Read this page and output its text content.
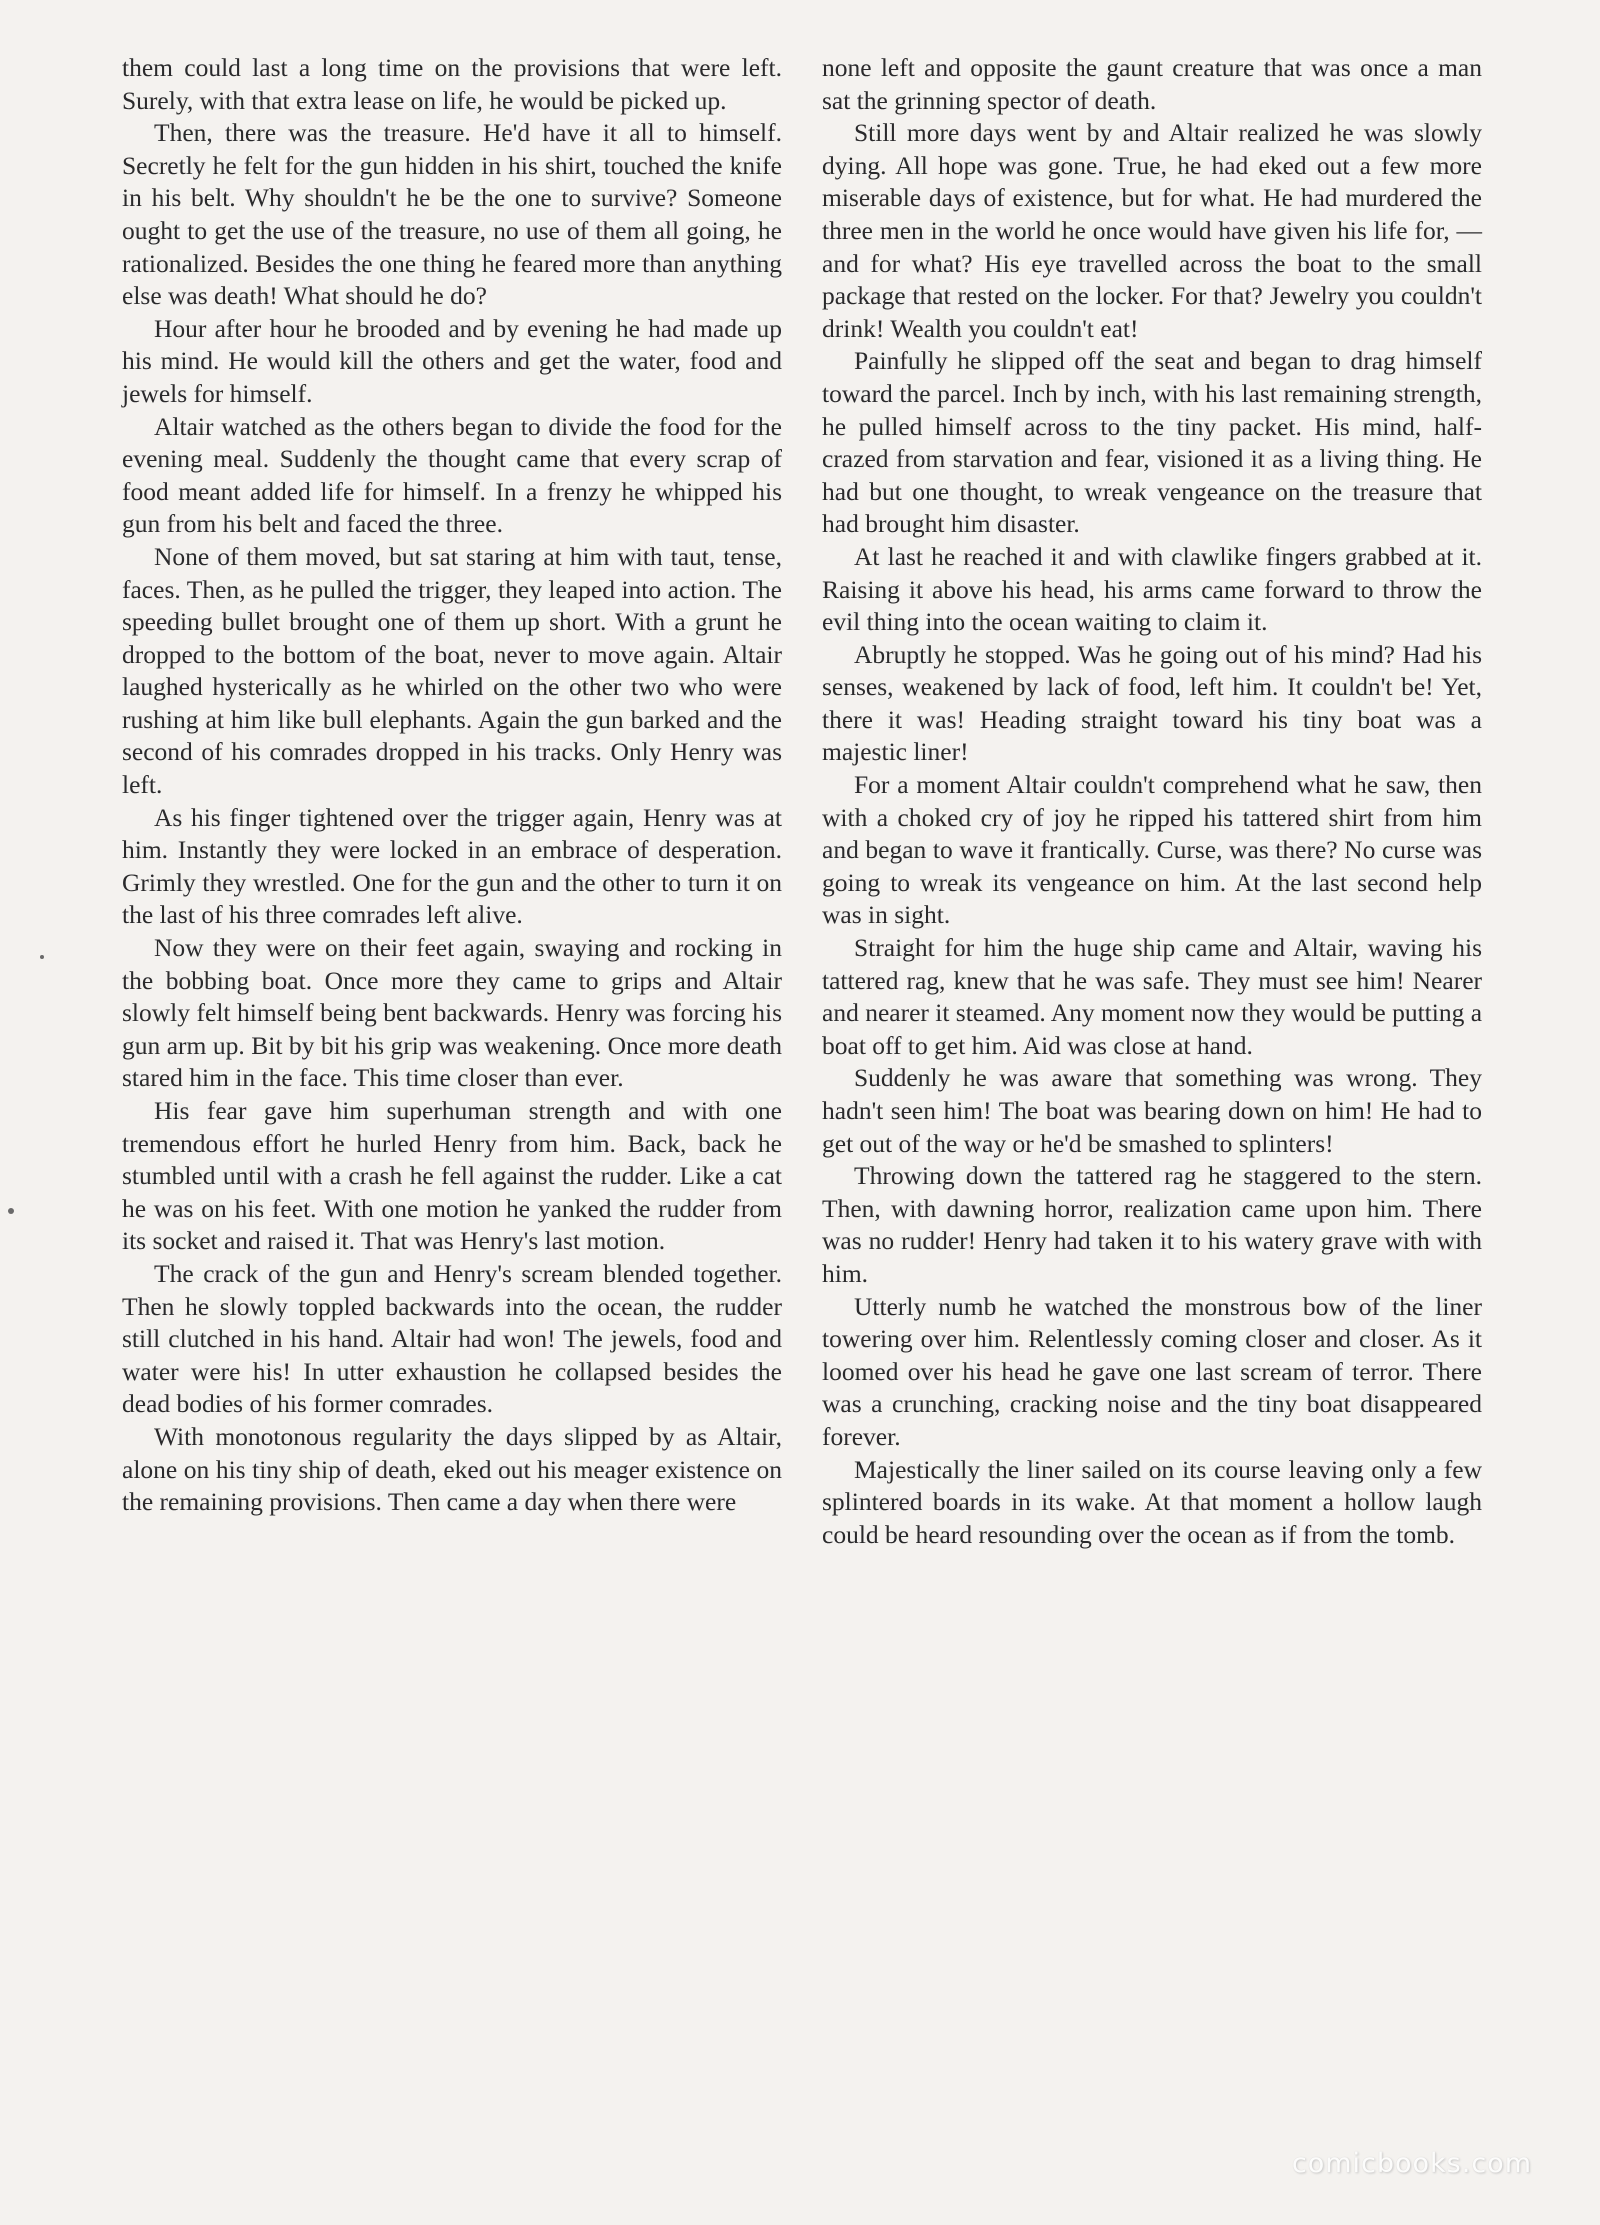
them could last a long time on the provisions that were left. Surely, with that extra lease on life, he would be picked up.

Then, there was the treasure. He'd have it all to himself. Secretly he felt for the gun hidden in his shirt, touched the knife in his belt. Why shouldn't he be the one to survive? Someone ought to get the use of the treasure, no use of them all going, he rationalized. Besides the one thing he feared more than anything else was death! What should he do?

Hour after hour he brooded and by evening he had made up his mind. He would kill the others and get the water, food and jewels for himself.

Altair watched as the others began to divide the food for the evening meal. Suddenly the thought came that every scrap of food meant added life for himself. In a frenzy he whipped his gun from his belt and faced the three.

None of them moved, but sat staring at him with taut, tense, faces. Then, as he pulled the trigger, they leaped into action. The speeding bullet brought one of them up short. With a grunt he dropped to the bottom of the boat, never to move again. Altair laughed hysterically as he whirled on the other two who were rushing at him like bull elephants. Again the gun barked and the second of his comrades dropped in his tracks. Only Henry was left.

As his finger tightened over the trigger again, Henry was at him. Instantly they were locked in an embrace of desperation. Grimly they wrestled. One for the gun and the other to turn it on the last of his three comrades left alive.

Now they were on their feet again, swaying and rocking in the bobbing boat. Once more they came to grips and Altair slowly felt himself being bent backwards. Henry was forcing his gun arm up. Bit by bit his grip was weakening. Once more death stared him in the face. This time closer than ever.

His fear gave him superhuman strength and with one tremendous effort he hurled Henry from him. Back, back he stumbled until with a crash he fell against the rudder. Like a cat he was on his feet. With one motion he yanked the rudder from its socket and raised it. That was Henry's last motion.

The crack of the gun and Henry's scream blended together. Then he slowly toppled backwards into the ocean, the rudder still clutched in his hand. Altair had won! The jewels, food and water were his! In utter exhaustion he collapsed besides the dead bodies of his former comrades.

With monotonous regularity the days slipped by as Altair, alone on his tiny ship of death, eked out his meager existence on the remaining provisions. Then came a day when there were

none left and opposite the gaunt creature that was once a man sat the grinning spector of death.

Still more days went by and Altair realized he was slowly dying. All hope was gone. True, he had eked out a few more miserable days of existence, but for what. He had murdered the three men in the world he once would have given his life for, — and for what? His eye travelled across the boat to the small package that rested on the locker. For that? Jewelry you couldn't drink! Wealth you couldn't eat!

Painfully he slipped off the seat and began to drag himself toward the parcel. Inch by inch, with his last remaining strength, he pulled himself across to the tiny packet. His mind, half-crazed from starvation and fear, visioned it as a living thing. He had but one thought, to wreak vengeance on the treasure that had brought him disaster.

At last he reached it and with clawlike fingers grabbed at it. Raising it above his head, his arms came forward to throw the evil thing into the ocean waiting to claim it.

Abruptly he stopped. Was he going out of his mind? Had his senses, weakened by lack of food, left him. It couldn't be! Yet, there it was! Heading straight toward his tiny boat was a majestic liner!

For a moment Altair couldn't comprehend what he saw, then with a choked cry of joy he ripped his tattered shirt from him and began to wave it frantically. Curse, was there? No curse was going to wreak its vengeance on him. At the last second help was in sight.

Straight for him the huge ship came and Altair, waving his tattered rag, knew that he was safe. They must see him! Nearer and nearer it steamed. Any moment now they would be putting a boat off to get him. Aid was close at hand.

Suddenly he was aware that something was wrong. They hadn't seen him! The boat was bearing down on him! He had to get out of the way or he'd be smashed to splinters!

Throwing down the tattered rag he staggered to the stern. Then, with dawning horror, realization came upon him. There was no rudder! Henry had taken it to his watery grave with with him.

Utterly numb he watched the monstrous bow of the liner towering over him. Relentlessly coming closer and closer. As it loomed over his head he gave one last scream of terror. There was a crunching, cracking noise and the tiny boat disappeared forever.

Majestically the liner sailed on its course leaving only a few splintered boards in its wake. At that moment a hollow laugh could be heard resounding over the ocean as if from the tomb.

comicbooks.com
